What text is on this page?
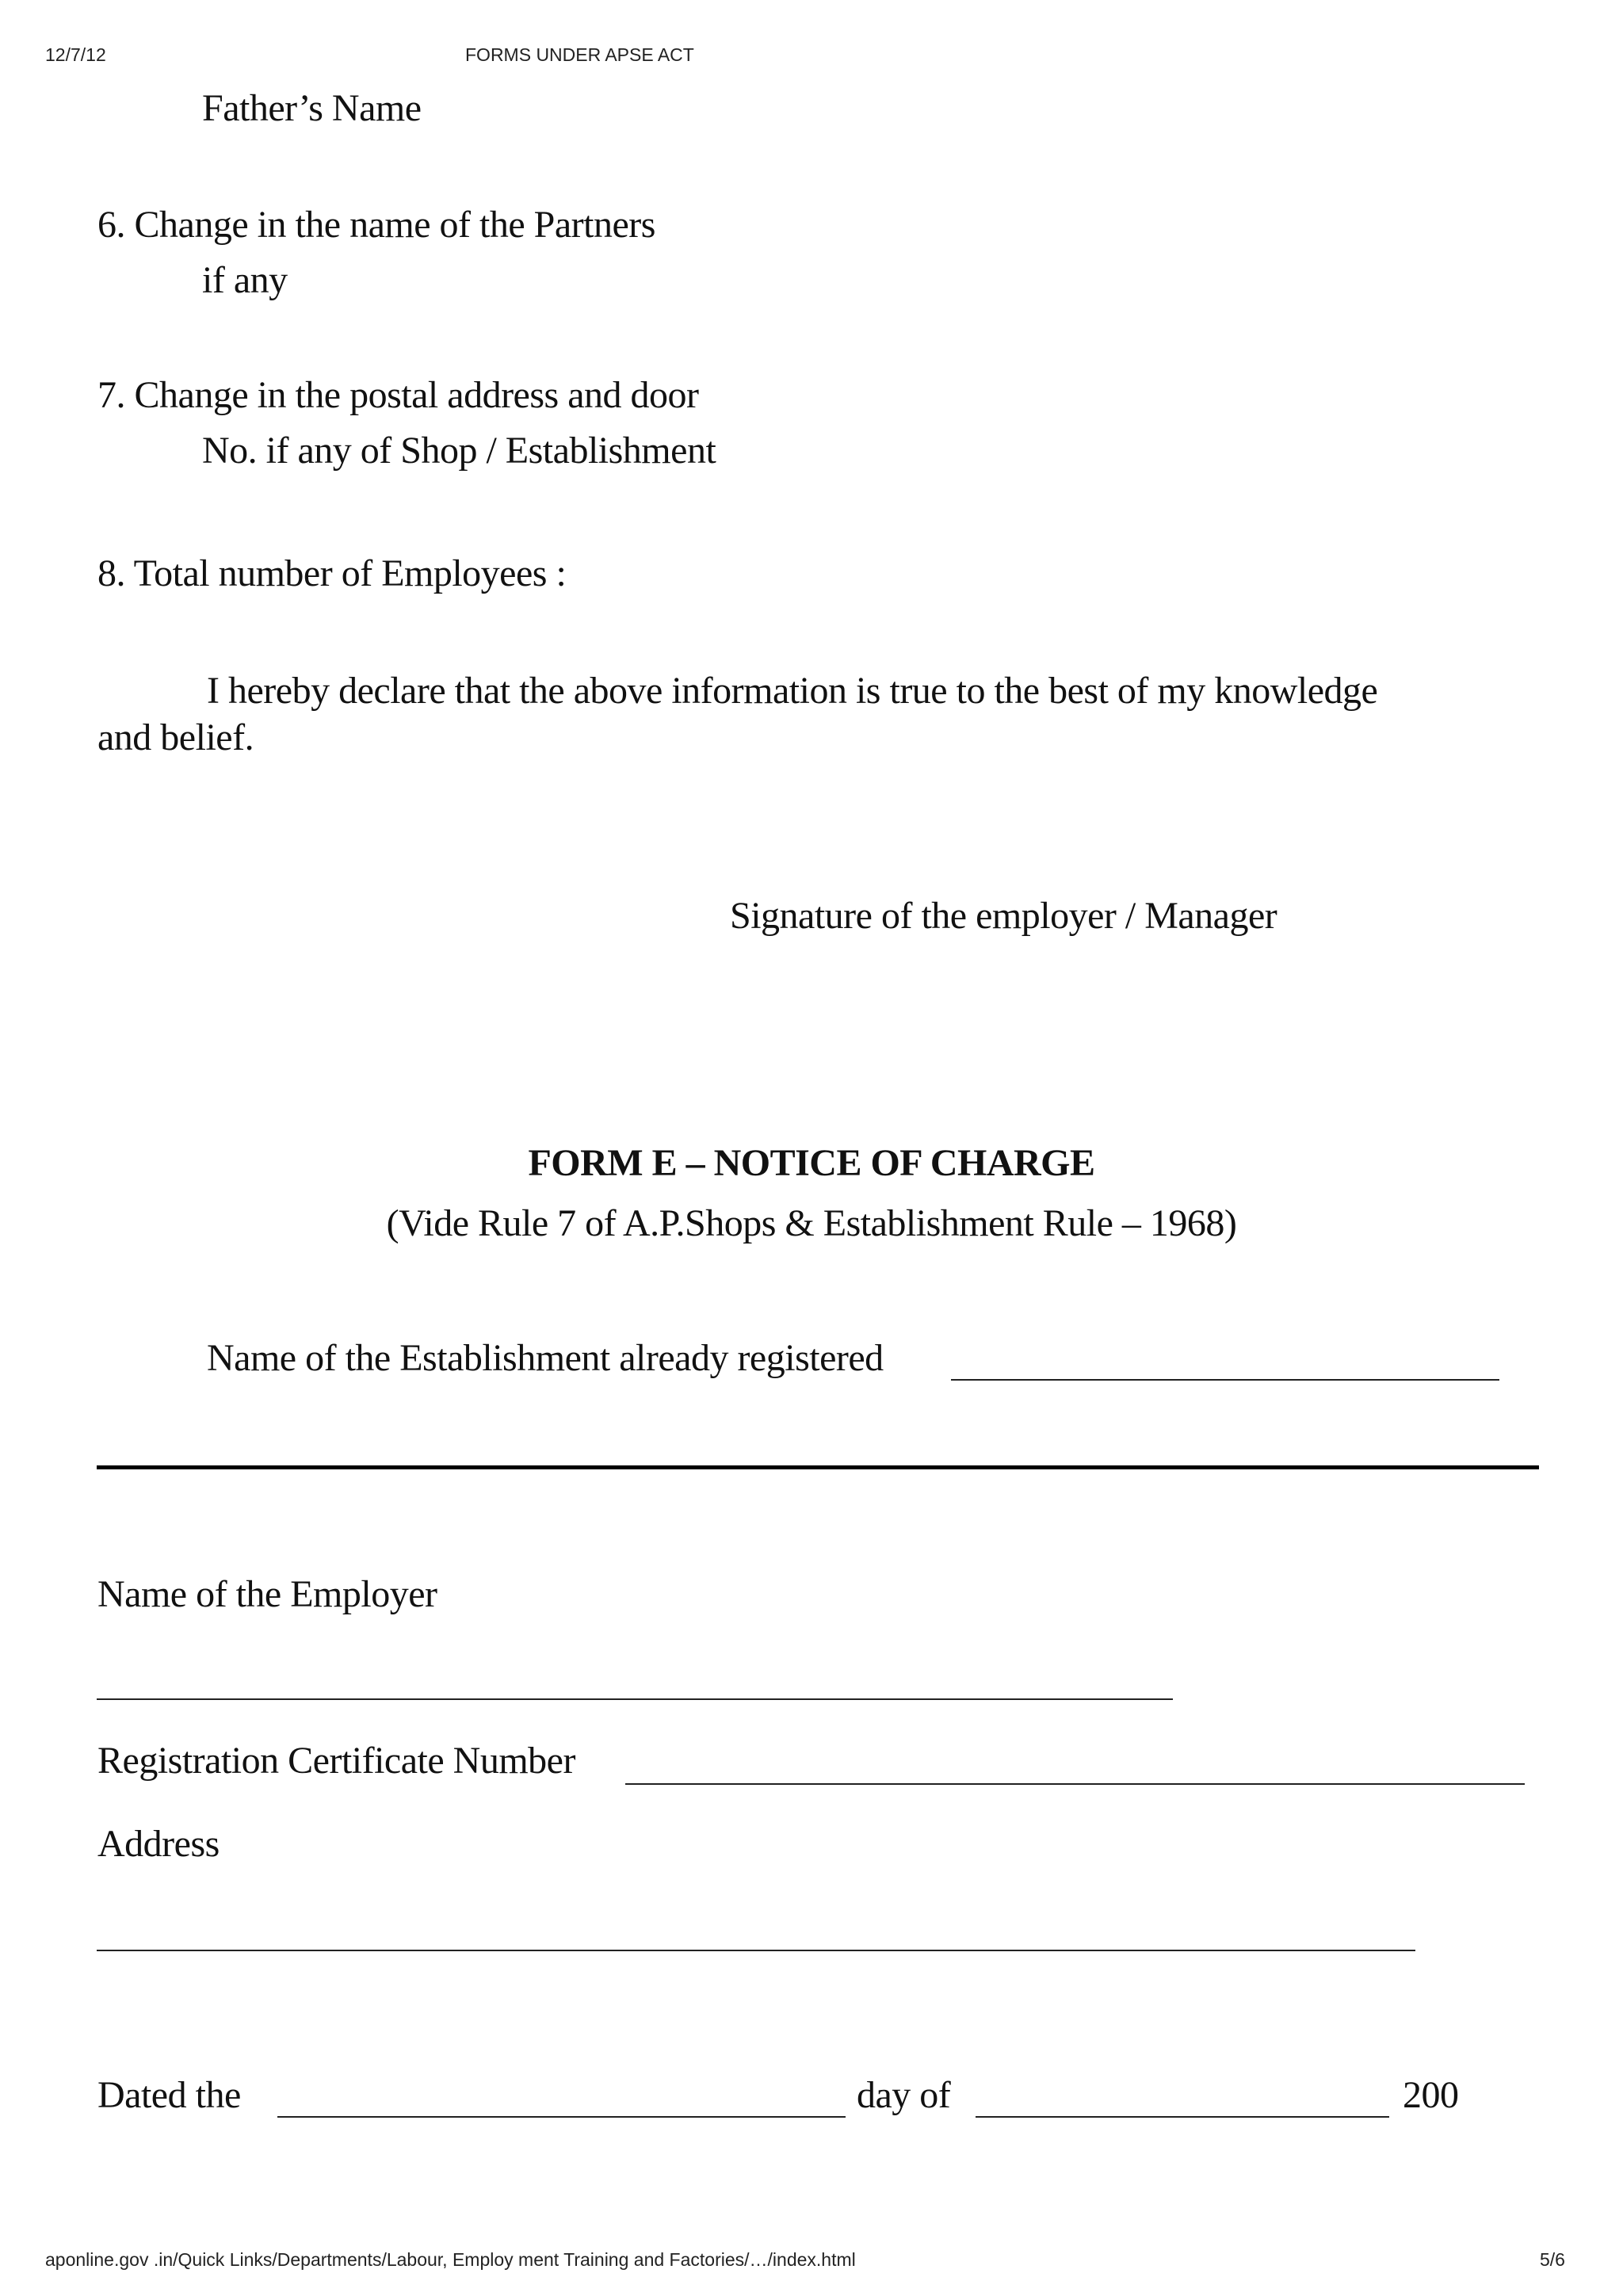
12/7/12	FORMS UNDER APSE ACT
Father’s Name
6. Change in the name of the Partners
if any
7. Change in the postal address and door
No. if any of Shop / Establishment
8. Total number of Employees :
I hereby declare that the above information is true to the best of my knowledge
and belief.
Signature of the employer / Manager
FORM E – NOTICE OF CHARGE
(Vide Rule 7 of A.P.Shops & Establishment Rule – 1968)
Name of the Establishment already registered
Name of the Employer
Registration Certificate Number
Address
Dated the	day of	200
aponline.gov .in/Quick Links/Departments/Labour, Employ ment Training and Factories/…/index.html	5/6
